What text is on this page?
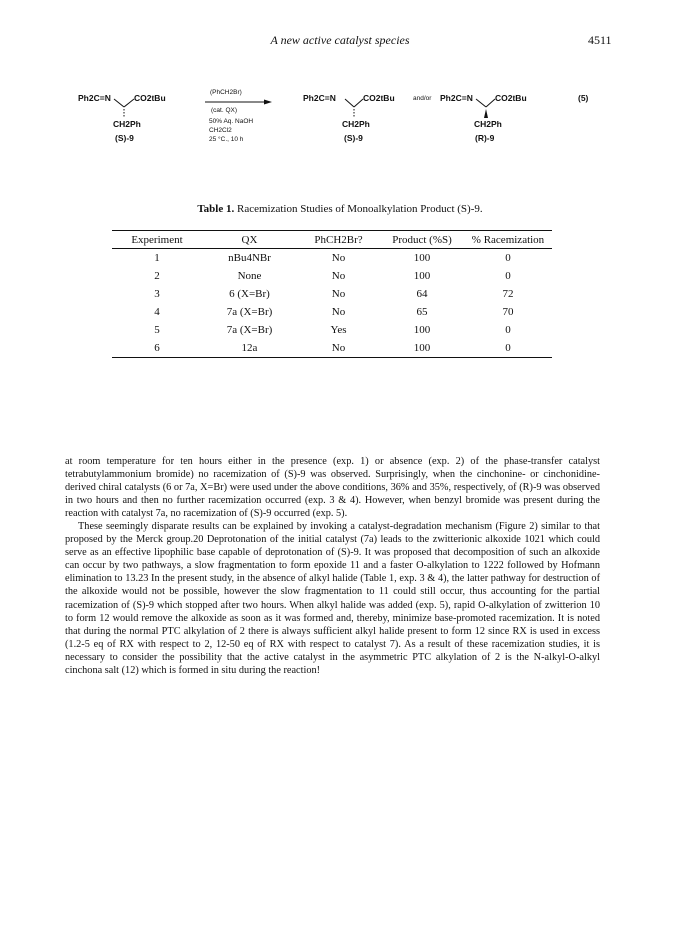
A new active catalyst species	4511
Ph2C=N	CO2tBu
CH2Ph
(S)-9
(PhCH2Br)
(cat. QX)
50% Aq. NaOH
CH2Cl2
25 °C., 10 h
Ph2C=N	CO2tBu
CH2Ph
(S)-9
and/or Ph2C=N	CO2tBu
CH2Ph
(R)-9
(5)
Table 1. Racemization Studies of Monoalkylation Product (S)-9.
Experiment	QX	PhCH2Br?	Product (%S)	% Racemization
1	nBu4NBr	No	100	0
2	None	No	100	0
3	6 (X=Br)	No	64	72
4	7a (X=Br)	No	65	70
5	7a (X=Br)	Yes	100	0
6	12a	No	100	0

at room temperature for ten hours either in the presence (exp. 1) or absence (exp. 2) of the phase-transfer catalyst tetrabutylammonium bromide) no racemization of (S)-9 was observed. Surprisingly, when the cinchonine- or cinchonidine-derived chiral catalysts (6 or 7a, X=Br) were used under the above conditions, 36% and 35%, respectively, of (R)-9 was observed in two hours and then no further racemization occurred (exp. 3 & 4). However, when benzyl bromide was present during the reaction with catalyst 7a, no racemization of (S)-9 occurred (exp. 5).

These seemingly disparate results can be explained by invoking a catalyst-degradation mechanism (Figure 2) similar to that proposed by the Merck group.20 Deprotonation of the initial catalyst (7a) leads to the zwitterionic alkoxide 1021 which could serve as an effective lipophilic base capable of deprotonation of (S)-9. It was proposed that decomposition of such an alkoxide can occur by two pathways, a slow fragmentation to form epoxide 11 and a faster O-alkylation to 1222 followed by Hofmann elimination to 13.23 In the present study, in the absence of alkyl halide (Table 1, exp. 3 & 4), the latter pathway for destruction of the alkoxide would not be possible, however the slow fragmentation to 11 could still occur, thus accounting for the partial racemization of (S)-9 which stopped after two hours. When alkyl halide was added (exp. 5), rapid O-alkylation of zwitterion 10 to form 12 would remove the alkoxide as soon as it was formed and, thereby, minimize base-promoted racemization. It is noted that during the normal PTC alkylation of 2 there is always sufficient alkyl halide present to form 12 since RX is used in excess (1.2-5 eq of RX with respect to 2, 12-50 eq of RX with respect to catalyst 7). As a result of these racemization studies, it is necessary to consider the possibility that the active catalyst in the asymmetric PTC alkylation of 2 is the N-alkyl-O-alkyl cinchona salt (12) which is formed in situ during the reaction!
